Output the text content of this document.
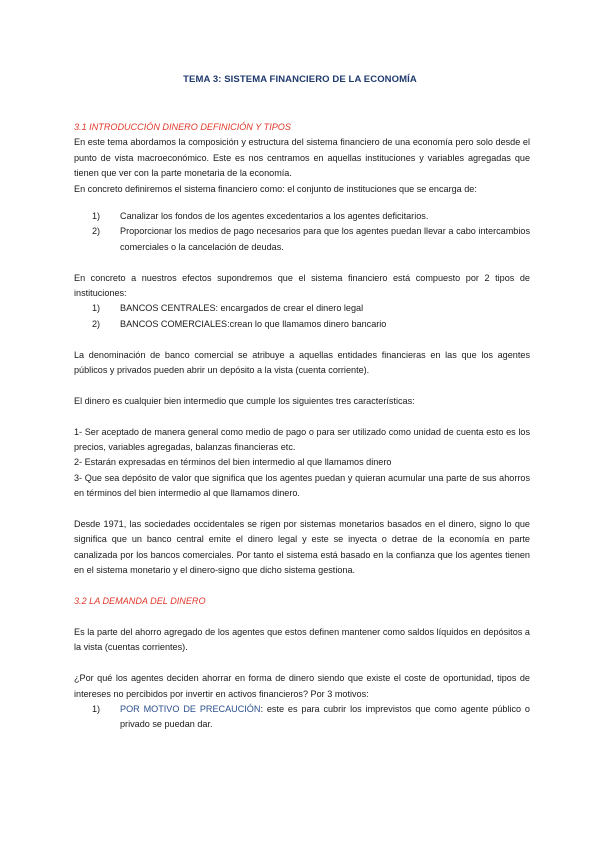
TEMA 3: SISTEMA FINANCIERO DE LA ECONOMÍA
3.1 INTRODUCCIÓN DINERO DEFINICIÓN Y TIPOS

En este tema abordamos la composición y estructura del sistema financiero de una economía pero solo desde el punto de vista macroeconómico. Este es nos centramos en aquellas instituciones y variables agregadas que tienen que ver con la parte monetaria de la economía.

En concreto definiremos el sistema financiero como: el conjunto de instituciones que se encarga de:

1)	Canalizar los fondos de los agentes excedentarios a los agentes deficitarios.
2)	Proporcionar los medios de pago necesarios para que los agentes puedan llevar a cabo intercambios comerciales o la cancelación de deudas.

En concreto a nuestros efectos supondremos que el sistema financiero está compuesto por 2 tipos de instituciones:

1)	BANCOS CENTRALES: encargados de crear el dinero legal
2)	BANCOS COMERCIALES:crean lo que llamamos dinero bancario

La denominación de banco comercial se atribuye a aquellas entidades financieras en las que los agentes públicos y privados pueden abrir un depósito a la vista (cuenta corriente).

El dinero es cualquier bien intermedio que cumple los siguientes tres características:

1- Ser aceptado de manera general como medio de pago o para ser utilizado como unidad de cuenta esto es los precios, variables agregadas, balanzas financieras etc.

2- Estarán expresadas en términos del bien intermedio al que llamamos dinero

3- Que sea depósito de valor que significa que los agentes puedan y quieran acumular una parte de sus ahorros en términos del bien intermedio al que llamamos dinero.

Desde 1971, las sociedades occidentales se rigen por sistemas monetarios basados en el dinero, signo lo que significa que un banco central emite el dinero legal y este se inyecta o detrae de la economía en parte canalizada por los bancos comerciales. Por tanto el sistema está basado en la confianza que los agentes tienen en el sistema monetario y el dinero-signo que dicho sistema gestiona.

3.2 LA DEMANDA DEL DINERO

Es la parte del ahorro agregado de los agentes que estos definen mantener como saldos líquidos en depósitos a la vista (cuentas corrientes).

¿Por qué los agentes deciden ahorrar en forma de dinero siendo que existe el coste de oportunidad, tipos de intereses no percibidos por invertir en activos financieros? Por 3 motivos:

1)	POR MOTIVO DE PRECAUCIÓN: este es para cubrir los imprevistos que como agente público o privado se puedan dar.
